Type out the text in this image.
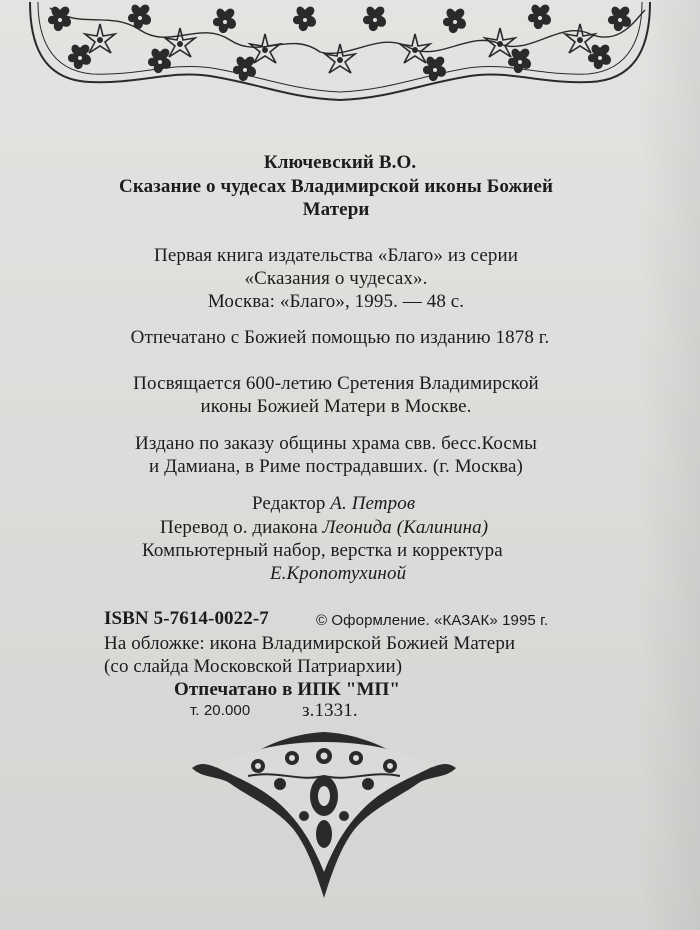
Ключевский В.О.
Сказание о чудесах Владимирской иконы Божией
Матери
Первая книга издательства «Благо» из серии
«Сказания о чудесах».
Москва: «Благо», 1995. — 48 с.
Отпечатано с Божией помощью по изданию 1878 г.
Посвящается 600-летию Сретения Владимирской
иконы Божией Матери в Москве.
Издано по заказу общины храма свв. бесс.Космы
и Дамиана, в Риме пострадавших. (г. Москва)
Редактор А. Петров
Перевод о. диакона Леонида (Калинина)
Компьютерный набор, верстка и корректура
Е.Кропотухиной
ISBN 5-7614-0022-7	© Оформление. «КАЗАК» 1995 г.
На обложке: икона Владимирской Божией Матери
(со слайда Московской Патриархии)
Отпечатано в ИПК "МП"
т. 20.000	з.1331.
